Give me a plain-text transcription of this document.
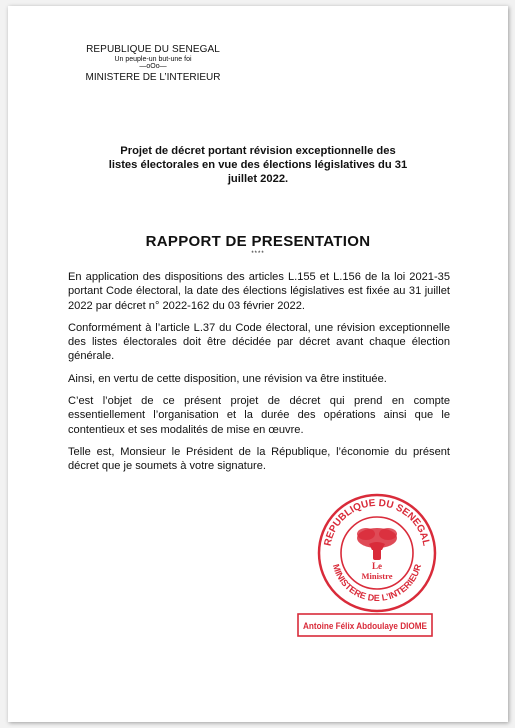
REPUBLIQUE DU SENEGAL
Un peuple-un but-une foi
—oOo—
MINISTERE DE L’INTERIEUR
Projet de décret portant révision exceptionnelle des listes électorales en vue des élections législatives du 31 juillet 2022.
RAPPORT DE PRESENTATION
****

En application des dispositions des articles L.155 et L.156 de la loi 2021-35 portant Code électoral, la date des élections législatives est fixée au 31 juillet 2022 par décret n° 2022-162 du 03 février 2022.

Conformément à l’article L.37 du Code électoral, une révision exceptionnelle des listes électorales doit être décidée par décret avant chaque élection générale.

Ainsi, en vertu de cette disposition, une révision va être instituée.

C’est l’objet de ce présent projet de décret qui prend en compte essentiellement l’organisation et la durée des opérations ainsi que le contentieux et ses modalités de mise en œuvre.

Telle est, Monsieur le Président de la République, l’économie du présent décret que je soumets à votre signature.

REPUBLIQUE DU SENEGAL
MINISTERE DE L’INTERIEUR
Le
Ministre
Antoine Félix Abdoulaye DIOME
